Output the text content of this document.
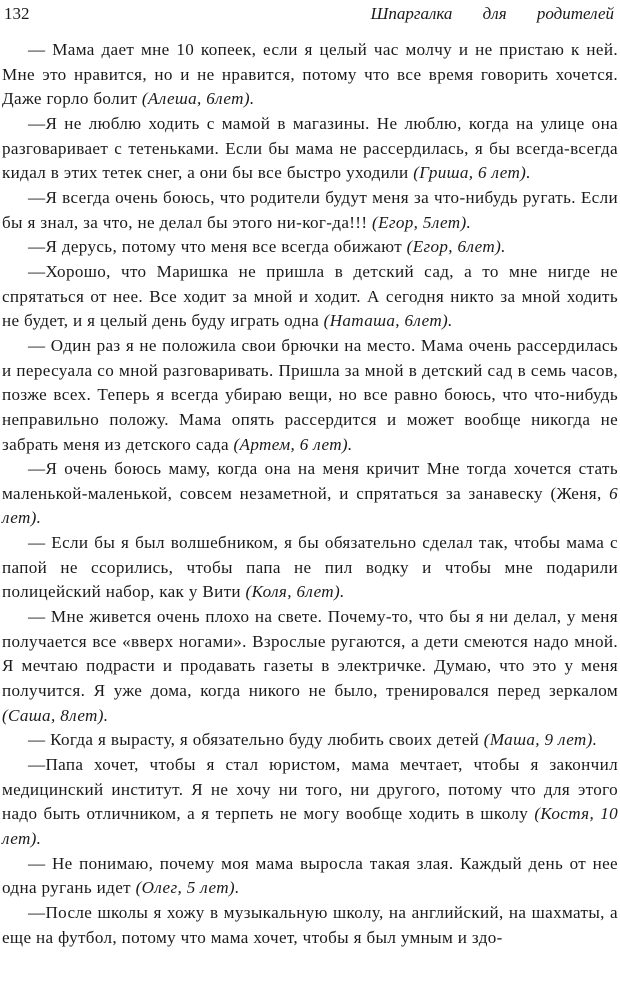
132	Шпаргалка для родителей

— Мама дает мне 10 копеек, если я целый час молчу и не пристаю к ней. Мне это нравится, но и не нравится, потому что все время говорить хочется. Даже горло болит (Алеша, 6лет).

—Я не люблю ходить с мамой в магазины. Не люблю, когда на улице она разговаривает с тетеньками. Если бы мама не рассердилась, я бы всегда-всегда кидал в этих тетек снег, а они бы все быстро уходили (Гриша, 6 лет).

—Я всегда очень боюсь, что родители будут меня за что-нибудь ругать. Если бы я знал, за что, не делал бы этого ни-ког-да!!! (Егор, 5лет).

—Я дерусь, потому что меня все всегда обижают (Егор, 6лет).

—Хорошо, что Маришка не пришла в детский сад, а то мне нигде не спрятаться от нее. Все ходит за мной и ходит. А сегодня никто за мной ходить не будет, и я целый день буду играть одна (Наташа, 6лет).

— Один раз я не положила свои брючки на место. Мама очень рассердилась и пересуала со мной разговаривать. Пришла за мной в детский сад в семь часов, позже всех. Теперь я всегда убираю вещи, но все равно боюсь, что что-нибудь неправильно положу. Мама опять рассердится и может вообще никогда не забрать меня из детского сада (Артем, 6 лет).

—Я очень боюсь маму, когда она на меня кричит Мне тогда хочется стать маленькой-маленькой, совсем незаметной, и спрятаться за занавеску (Женя, 6 лет).

— Если бы я был волшебником, я бы обязательно сделал так, чтобы мама с папой не ссорились, чтобы папа не пил водку и чтобы мне подарили полицейский набор, как у Вити (Коля, 6лет).

— Мне живется очень плохо на свете. Почему-то, что бы я ни делал, у меня получается все «вверх ногами». Взрослые ругаются, а дети смеются надо мной. Я мечтаю подрасти и продавать газеты в электричке. Думаю, что это у меня получится. Я уже дома, когда никого не было, тренировался перед зеркалом (Саша, 8лет).

— Когда я вырасту, я обязательно буду любить своих детей (Маша, 9 лет).

—Папа хочет, чтобы я стал юристом, мама мечтает, чтобы я закончил медицинский институт. Я не хочу ни того, ни другого, потому что для этого надо быть отличником, а я терпеть не могу вообще ходить в школу (Костя, 10 лет).

— Не понимаю, почему моя мама выросла такая злая. Каждый день от нее одна ругань идет (Олег, 5 лет).

—После школы я хожу в музыкальную школу, на английский, на шахматы, а еще на футбол, потому что мама хочет, чтобы я был умным и здо-
